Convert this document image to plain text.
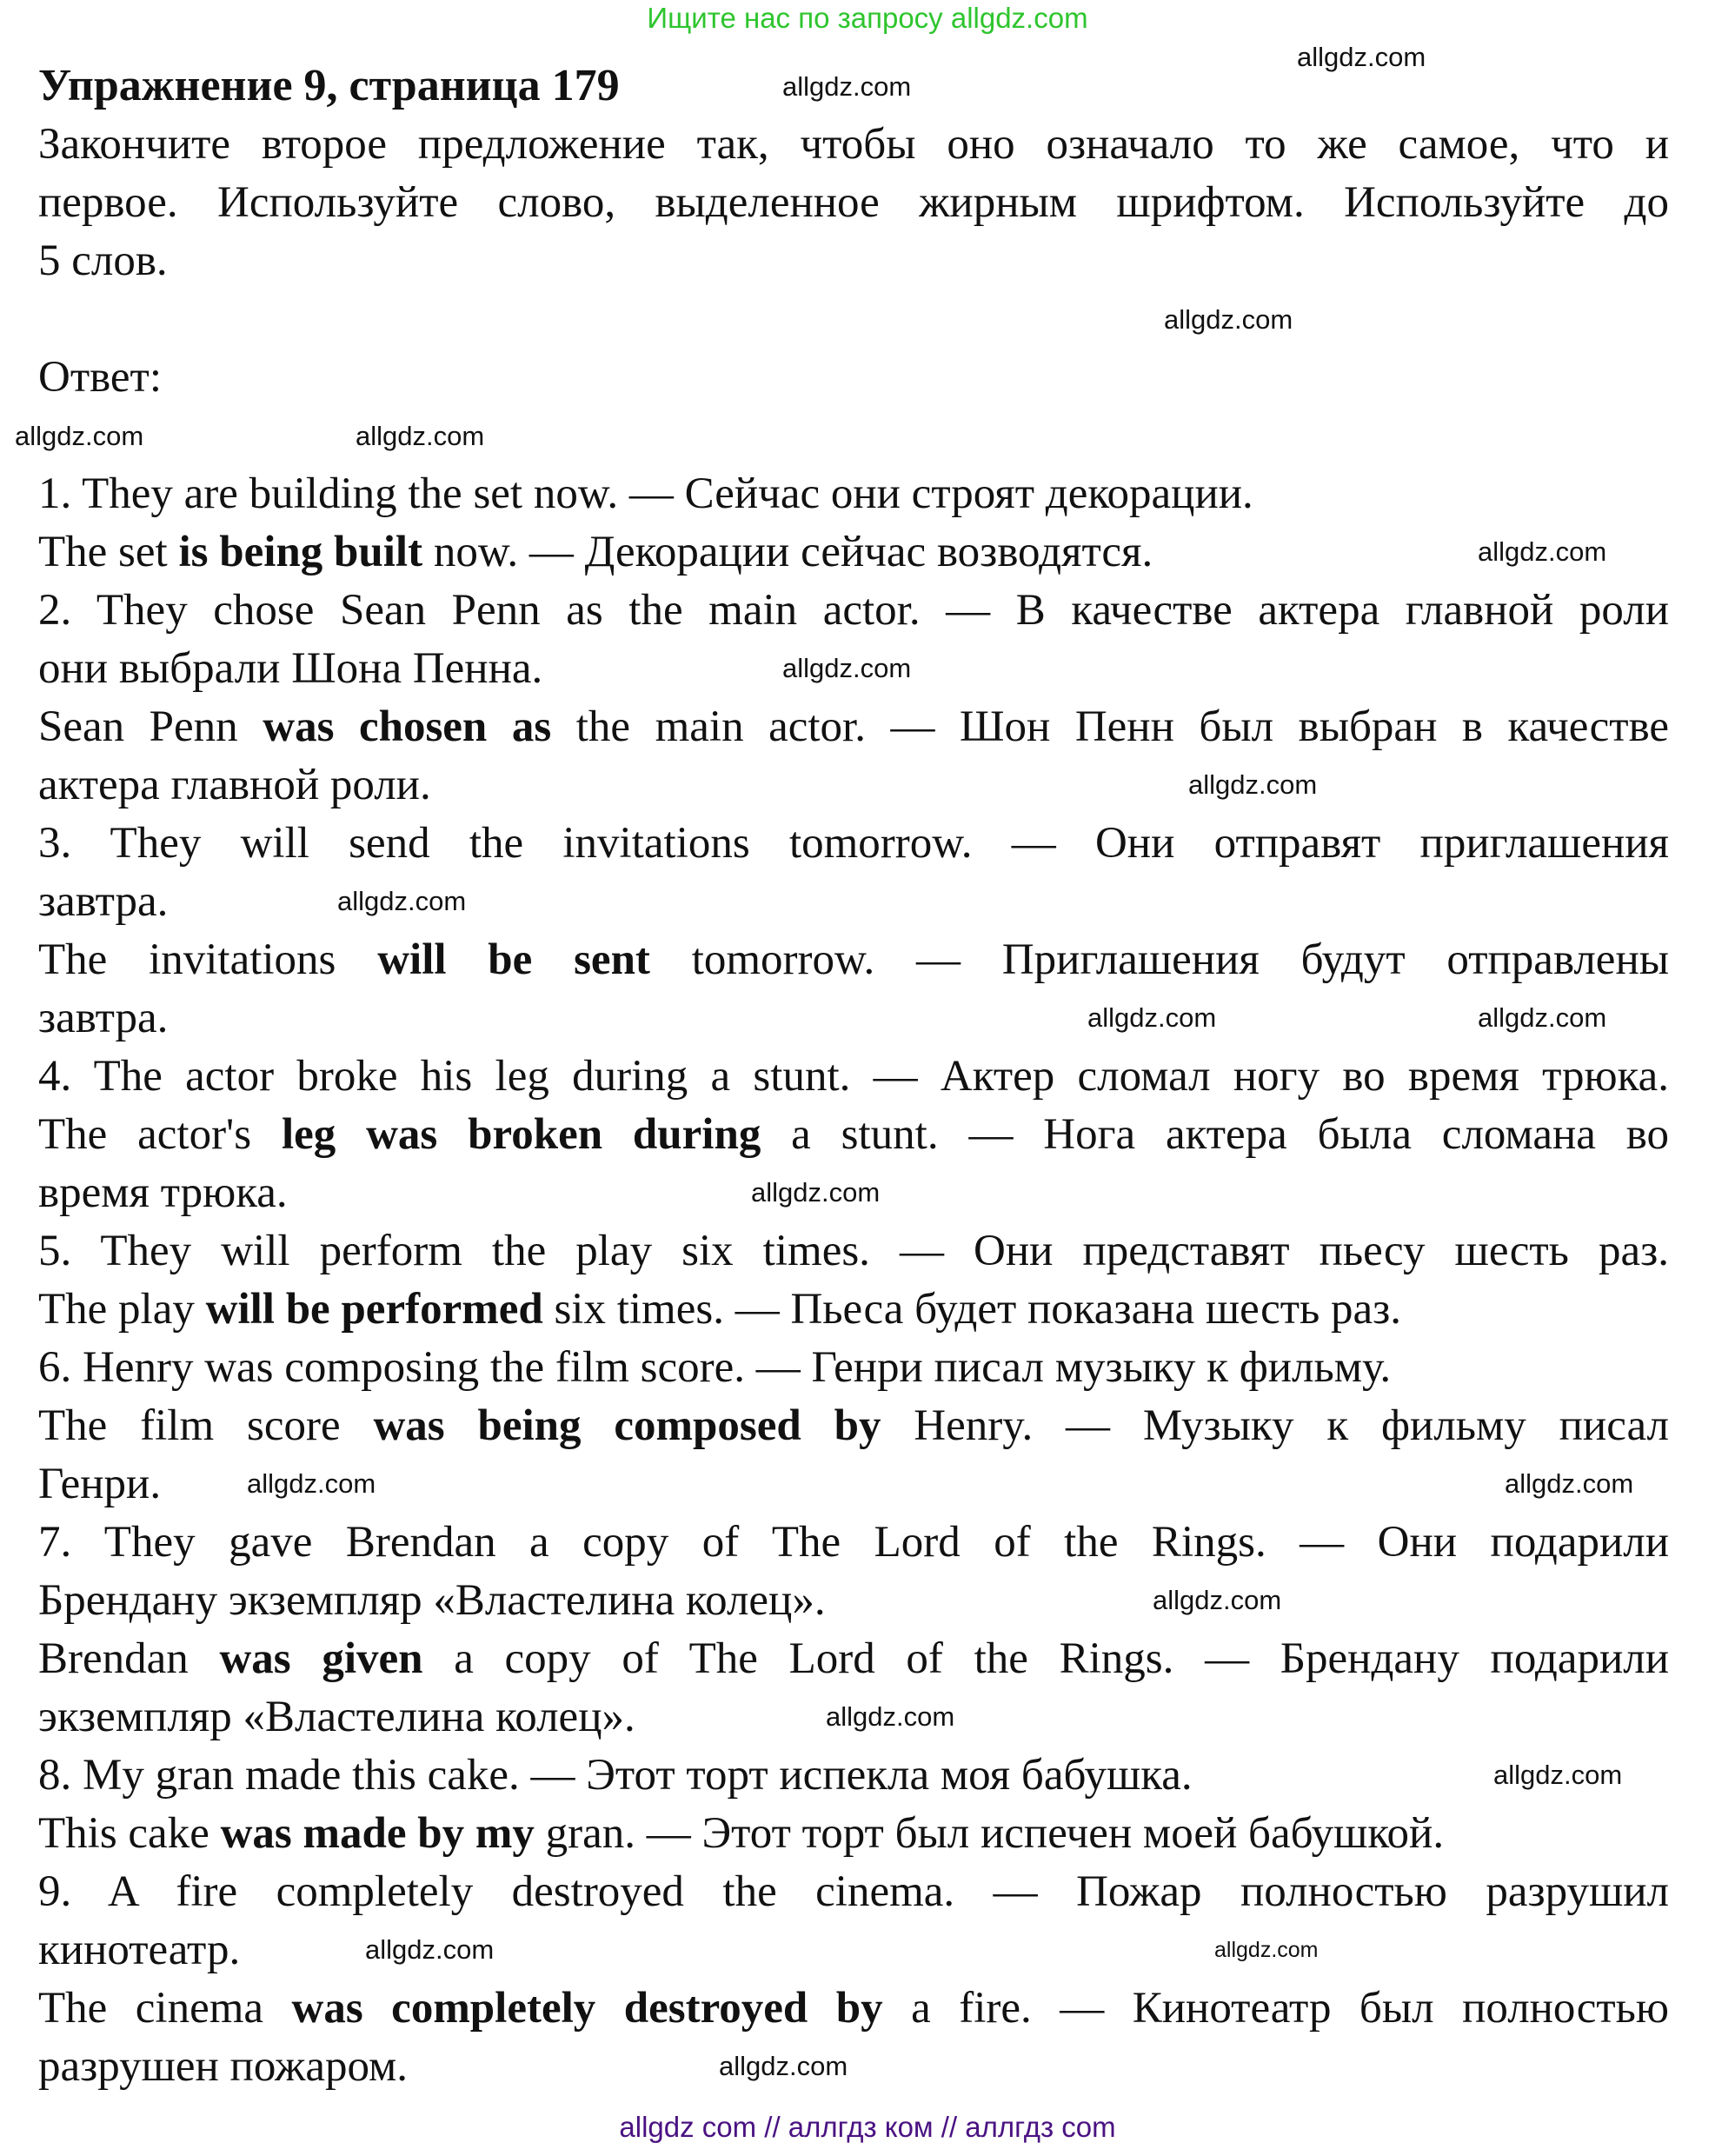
Ищите нас по запросу allgdz.com
Упражнение 9, страница 179
Закончите второе предложение так, чтобы оно означало то же самое, что и
первое. Используйте слово, выделенное жирным шрифтом. Используйте до
5 слов.
Ответ:
1. They are building the set now. — Сейчас они строят декорации.
The set is being built now. — Декорации сейчас возводятся.
2. They chose Sean Penn as the main actor. — В качестве актера главной роли
они выбрали Шона Пенна.
Sean Penn was chosen as the main actor. — Шон Пенн был выбран в качестве
актера главной роли.
3. They will send the invitations tomorrow. — Они отправят приглашения
завтра.
The invitations will be sent tomorrow. — Приглашения будут отправлены
завтра.
4. The actor broke his leg during a stunt. — Актер сломал ногу во время трюка.
The actor's leg was broken during a stunt. — Нога актера была сломана во
время трюка.
5. They will perform the play six times. — Они представят пьесу шесть раз.
The play will be performed six times. — Пьеса будет показана шесть раз.
6. Henry was composing the film score. — Генри писал музыку к фильму.
The film score was being composed by Henry. — Музыку к фильму писал
Генри.
7. They gave Brendan a copy of The Lord of the Rings. — Они подарили
Брендану экземпляр «Властелина колец».
Brendan was given a copy of The Lord of the Rings. — Брендану подарили
экземпляр «Властелина колец».
8. My gran made this cake. — Этот торт испекла моя бабушка.
This cake was made by my gran. — Этот торт был испечен моей бабушкой.
9. A fire completely destroyed the cinema. — Пожар полностью разрушил
кинотеатр.
The cinema was completely destroyed by a fire. — Кинотеатр был полностью
разрушен пожаром.
allgdz.com
allgdz.com
allgdz.com
allgdz.com
allgdz.com
allgdz.com
allgdz.com
allgdz.com
allgdz.com
allgdz.com	allgdz.com
allgdz.com
allgdz.com	allgdz.com
allgdz.com
allgdz.com
allgdz.com
allgdz.com
allgdz.com
allgdz.com
allgdz com // аллгдз ком // аллгдз com
